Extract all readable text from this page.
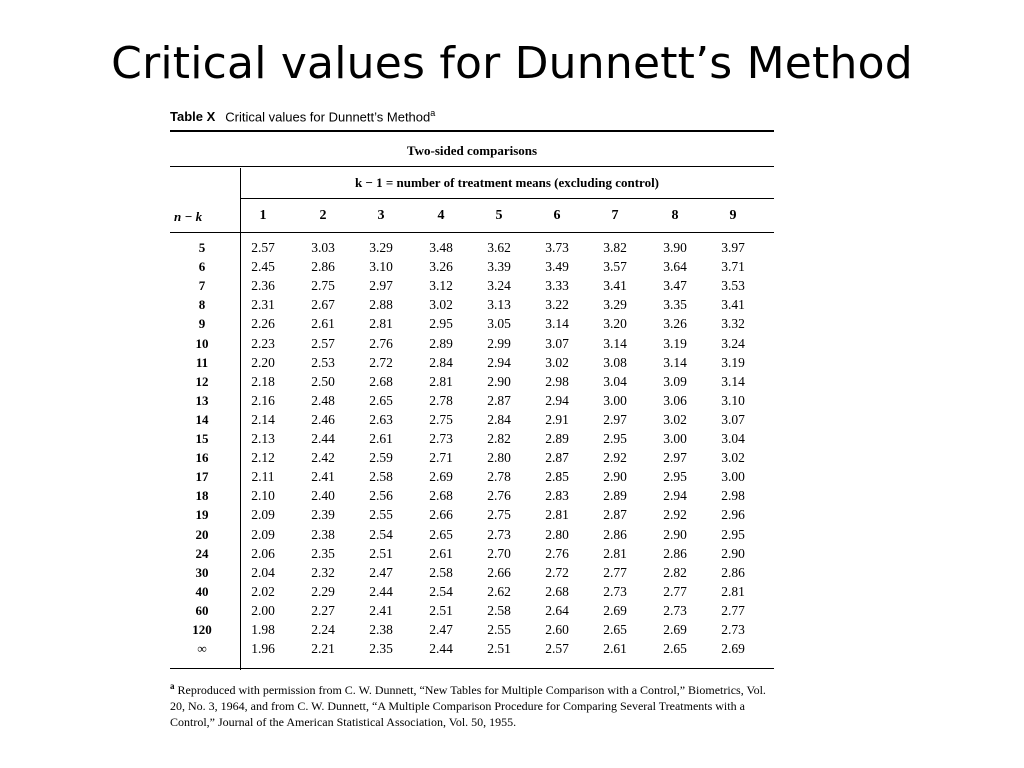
Critical values for Dunnett’s Method
Table X Critical values for Dunnett’s Method$^a$
Two-sided comparisons
k − 1 = number of treatment means (excluding control)
n − k	1	2	3	4	5	6	7	8	9
5	2.57	3.03	3.29	3.48	3.62	3.73	3.82	3.90	3.97
6	2.45	2.86	3.10	3.26	3.39	3.49	3.57	3.64	3.71
7	2.36	2.75	2.97	3.12	3.24	3.33	3.41	3.47	3.53
8	2.31	2.67	2.88	3.02	3.13	3.22	3.29	3.35	3.41
9	2.26	2.61	2.81	2.95	3.05	3.14	3.20	3.26	3.32
10	2.23	2.57	2.76	2.89	2.99	3.07	3.14	3.19	3.24
11	2.20	2.53	2.72	2.84	2.94	3.02	3.08	3.14	3.19
12	2.18	2.50	2.68	2.81	2.90	2.98	3.04	3.09	3.14
13	2.16	2.48	2.65	2.78	2.87	2.94	3.00	3.06	3.10
14	2.14	2.46	2.63	2.75	2.84	2.91	2.97	3.02	3.07
15	2.13	2.44	2.61	2.73	2.82	2.89	2.95	3.00	3.04
16	2.12	2.42	2.59	2.71	2.80	2.87	2.92	2.97	3.02
17	2.11	2.41	2.58	2.69	2.78	2.85	2.90	2.95	3.00
18	2.10	2.40	2.56	2.68	2.76	2.83	2.89	2.94	2.98
19	2.09	2.39	2.55	2.66	2.75	2.81	2.87	2.92	2.96
20	2.09	2.38	2.54	2.65	2.73	2.80	2.86	2.90	2.95
24	2.06	2.35	2.51	2.61	2.70	2.76	2.81	2.86	2.90
30	2.04	2.32	2.47	2.58	2.66	2.72	2.77	2.82	2.86
40	2.02	2.29	2.44	2.54	2.62	2.68	2.73	2.77	2.81
60	2.00	2.27	2.41	2.51	2.58	2.64	2.69	2.73	2.77
120	1.98	2.24	2.38	2.47	2.55	2.60	2.65	2.69	2.73
∞	1.96	2.21	2.35	2.44	2.51	2.57	2.61	2.65	2.69
$^a$ Reproduced with permission from C. W. Dunnett, “New Tables for Multiple Comparison with a Control,” Biometrics, Vol. 20, No. 3, 1964, and from C. W. Dunnett, “A Multiple Comparison Procedure for Comparing Several Treatments with a Control,” Journal of the American Statistical Association, Vol. 50, 1955.
